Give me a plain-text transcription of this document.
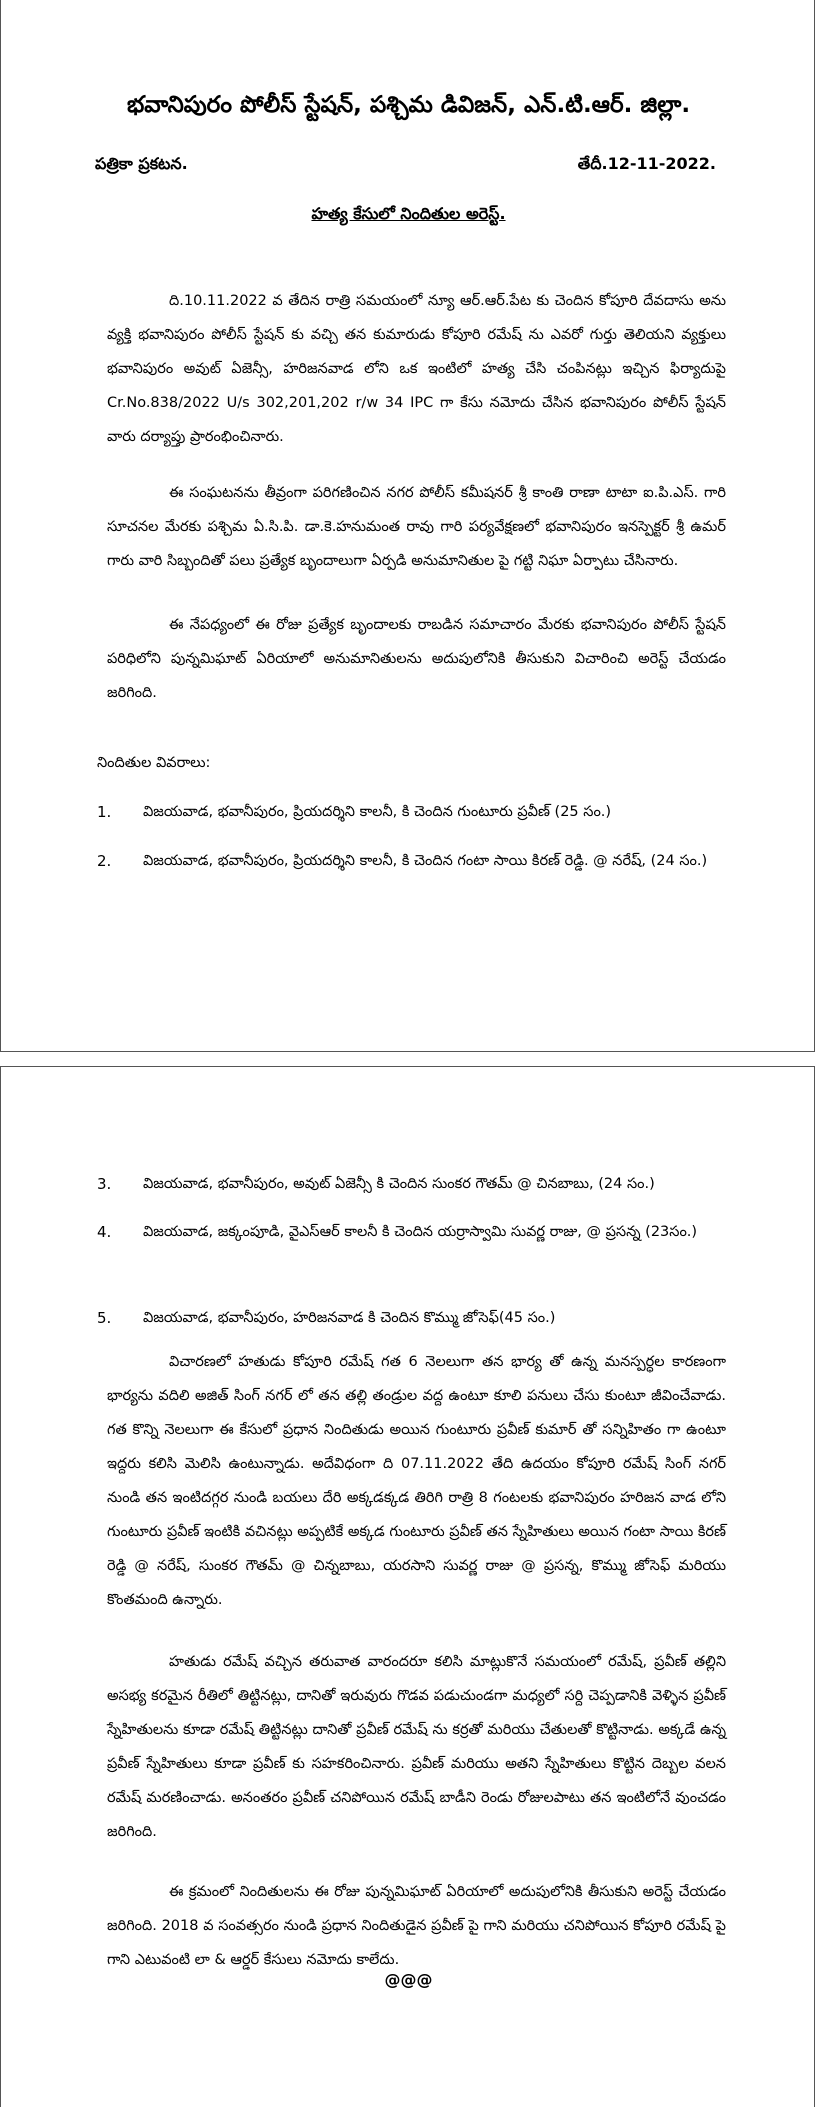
భవానిపురం పోలీస్ స్టేషన్, పశ్చిమ డివిజన్, ఎన్.టి.ఆర్. జిల్లా.
పత్రికా ప్రకటన.	తేదీ.12-11-2022.
హత్య కేసులో నిందితుల అరెస్ట్.
ది.10.11.2022 వ తేదిన రాత్రి సమయంలో న్యూ ఆర్.ఆర్.పేట కు చెందిన కోపూరి దేవదాసు అను వ్యక్తి భవానిపురం పోలీస్ స్టేషన్ కు వచ్చి తన కుమారుడు కోపూరి రమేష్ ను ఎవరో గుర్తు తెలియని వ్యక్తులు భవానిపురం అవుట్ ఏజెన్సీ, హరిజనవాడ లోని ఒక ఇంటిలో హత్య చేసి చంపినట్లు ఇచ్చిన ఫిర్యాదుపై Cr.No.838/2022 U/s 302,201,202 r/w 34 IPC గా కేసు నమోదు చేసిన భవానిపురం పోలీస్ స్టేషన్ వారు దర్యాప్తు ప్రారంభించినారు.
ఈ సంఘటనను తీవ్రంగా పరిగణించిన నగర పోలీస్ కమీషనర్ శ్రీ కాంతి రాణా టాటా ఐ.పి.ఎస్. గారి సూచనల మేరకు పశ్చిమ ఏ.సి.పి. డా.కె.హనుమంత రావు గారి పర్యవేక్షణలో భవానిపురం ఇనస్పెక్టర్ శ్రీ ఉమర్ గారు వారి సిబ్బందితో పలు ప్రత్యేక బృందాలుగా ఏర్పడి అనుమానితుల పై గట్టి నిఘా ఏర్పాటు చేసినారు.
ఈ నేపధ్యంలో ఈ రోజు ప్రత్యేక బృందాలకు రాబడిన సమాచారం మేరకు భవానిపురం పోలీస్ స్టేషన్ పరిధిలోని పున్నమిఘాట్ ఏరియాలో అనుమానితులను అదుపులోనికి తీసుకుని విచారించి అరెస్ట్ చేయడం జరిగింది.
నిందితుల వివరాలు:
1. విజయవాడ, భవానీపురం, ప్రియదర్శిని కాలనీ, కి చెందిన గుంటూరు ప్రవీణ్ (25 సం.)
2. విజయవాడ, భవానీపురం, ప్రియదర్శిని కాలనీ, కి చెందిన గంటా సాయి కిరణ్ రెడ్డి. @ నరేష్, (24 సం.)
3. విజయవాడ, భవానీపురం, అవుట్ ఏజెన్సీ కి చెందిన సుంకర గౌతమ్ @ చినబాబు, (24 సం.)
4. విజయవాడ, జక్కంపూడి, వైఎస్ఆర్ కాలనీ కి చెందిన యర్రాస్వామి సువర్ణ రాజు, @ ప్రసన్న (23సం.)
5. విజయవాడ, భవానీపురం, హరిజనవాడ కి చెందిన కొమ్ము జోసెఫ్(45 సం.)
విచారణలో హతుడు కోపూరి రమేష్ గత 6 నెలలుగా తన భార్య తో ఉన్న మనస్పర్ధల కారణంగా భార్యను వదిలి అజిత్ సింగ్ నగర్ లో తన తల్లి తండ్రుల వద్ద ఉంటూ కూలి పనులు చేసు కుంటూ జీవించేవాడు. గత కొన్ని నెలలుగా ఈ కేసులో ప్రధాన నిందితుడు అయిన గుంటూరు ప్రవీణ్ కుమార్ తో సన్నిహితం గా ఉంటూ ఇద్దరు కలిసి మెలిసి ఉంటున్నాడు. అదేవిధంగా ది 07.11.2022 తేది ఉదయం కోపూరి రమేష్ సింగ్ నగర్ నుండి తన ఇంటిదగ్గర నుండి బయలు దేరి అక్కడక్కడ తిరిగి రాత్రి 8 గంటలకు భవానిపురం హరిజన వాడ లోని గుంటూరు ప్రవీణ్ ఇంటికి వచినట్లు అప్పటికే అక్కడ గుంటూరు ప్రవీణ్ తన స్నేహితులు అయిన గంటా సాయి కిరణ్ రెడ్డి @ నరేష్, సుంకర గౌతమ్ @ చిన్నబాబు, యరసాని సువర్ణ రాజు @ ప్రసన్న, కొమ్ము జోసెఫ్ మరియు కొంతమంది ఉన్నారు.
హతుడు రమేష్ వచ్చిన తరువాత వారందరూ కలిసి మాట్లుకొనే సమయంలో రమేష్, ప్రవీణ్ తల్లిని అసభ్య కరమైన రీతిలో తిట్టినట్లు, దానితో ఇరువురు గొడవ పడుచుండగా మధ్యలో సర్ది చెప్పడానికి వెళ్ళిన ప్రవీణ్ స్నేహితులను కూడా రమేష్ తిట్టినట్లు దానితో ప్రవీణ్ రమేష్ ను కర్రతో మరియు చేతులతో కొట్టినాడు. అక్కడే ఉన్న ప్రవీణ్ స్నేహితులు కూడా ప్రవీణ్ కు సహకరించినారు. ప్రవీణ్ మరియు అతని స్నేహితులు కొట్టిన దెబ్బల వలన రమేష్ మరణించాడు. అనంతరం ప్రవీణ్ చనిపోయిన రమేష్ బాడీని రెండు రోజులపాటు తన ఇంటిలోనే వుంచడం జరిగింది.
ఈ క్రమంలో నిందితులను ఈ రోజు పున్నమిఘాట్ ఏరియాలో అదుపులోనికి తీసుకుని అరెస్ట్ చేయడం జరిగింది. 2018 వ సంవత్సరం నుండి ప్రధాన నిందితుడైన ప్రవీణ్ పై గాని మరియు చనిపోయిన కోపూరి రమేష్ పై గాని ఎటువంటి లా & ఆర్డర్ కేసులు నమోదు కాలేదు.
@@@
